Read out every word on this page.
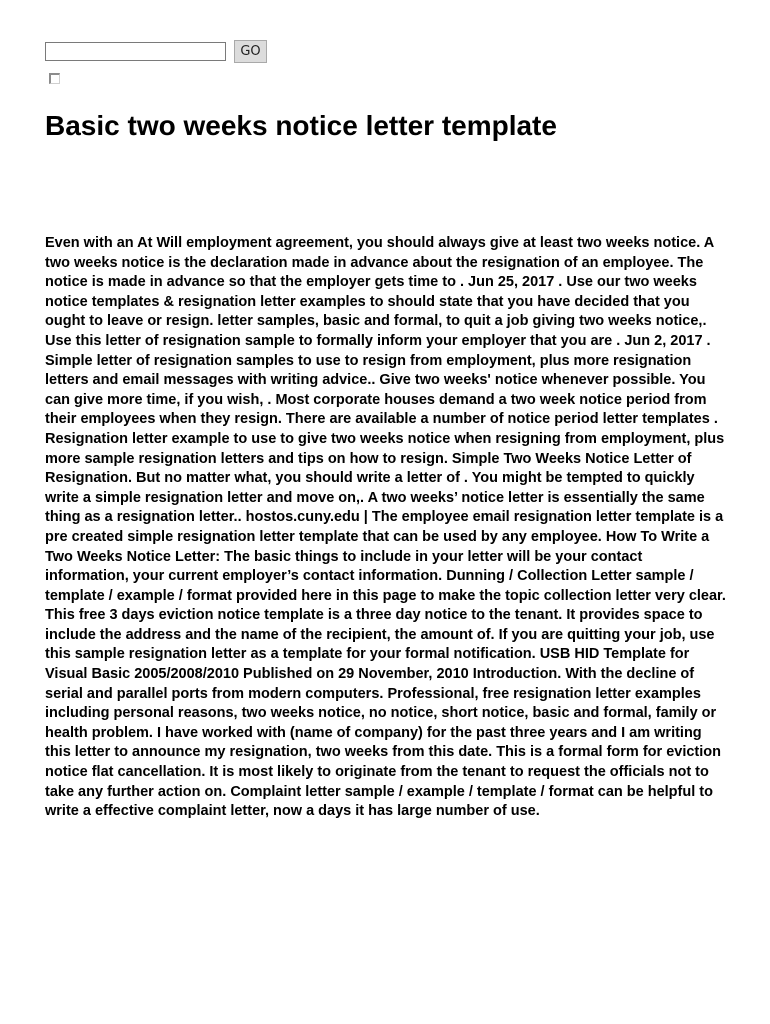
GO
Basic two weeks notice letter template

Even with an At Will employment agreement, you should always give at least two weeks notice. A two weeks notice is the declaration made in advance about the resignation of an employee. The notice is made in advance so that the employer gets time to . Jun 25, 2017 . Use our two weeks notice templates & resignation letter examples to should state that you have decided that you ought to leave or resign. letter samples, basic and formal, to quit a job giving two weeks notice,. Use this letter of resignation sample to formally inform your employer that you are . Jun 2, 2017 . Simple letter of resignation samples to use to resign from employment, plus more resignation letters and email messages with writing advice.. Give two weeks' notice whenever possible. You can give more time, if you wish, . Most corporate houses demand a two week notice period from their employees when they resign. There are available a number of notice period letter templates . Resignation letter example to use to give two weeks notice when resigning from employment, plus more sample resignation letters and tips on how to resign. Simple Two Weeks Notice Letter of Resignation. But no matter what, you should write a letter of . You might be tempted to quickly write a simple resignation letter and move on,. A two weeks’ notice letter is essentially the same thing as a resignation letter.. hostos.cuny.edu | The employee email resignation letter template is a pre created simple resignation letter template that can be used by any employee. How To Write a Two Weeks Notice Letter: The basic things to include in your letter will be your contact information, your current employer’s contact information. Dunning / Collection Letter sample / template / example / format provided here in this page to make the topic collection letter very clear. This free 3 days eviction notice template is a three day notice to the tenant. It provides space to include the address and the name of the recipient, the amount of. If you are quitting your job, use this sample resignation letter as a template for your formal notification. USB HID Template for Visual Basic 2005/2008/2010 Published on 29 November, 2010 Introduction. With the decline of serial and parallel ports from modern computers. Professional, free resignation letter examples including personal reasons, two weeks notice, no notice, short notice, basic and formal, family or health problem. I have worked with (name of company) for the past three years and I am writing this letter to announce my resignation, two weeks from this date. This is a formal form for eviction notice flat cancellation. It is most likely to originate from the tenant to request the officials not to take any further action on. Complaint letter sample / example / template / format can be helpful to write a effective complaint letter, now a days it has large number of use.
